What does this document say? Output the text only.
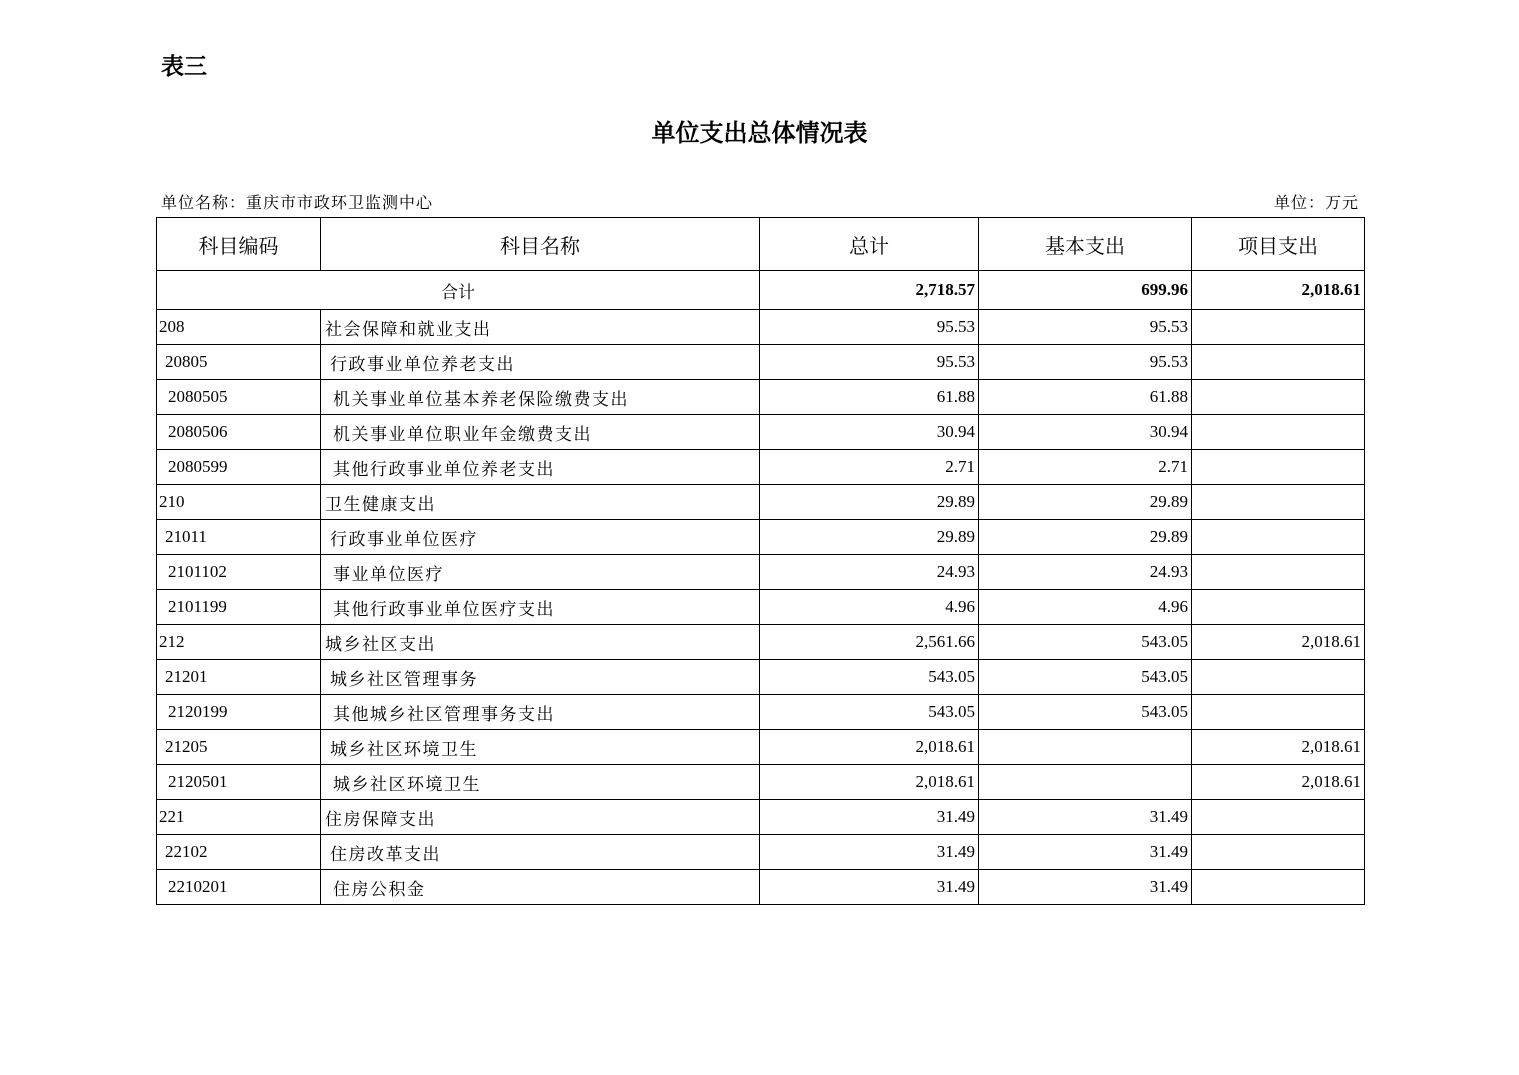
表三
单位支出总体情况表
单位名称：重庆市市政环卫监测中心	单位：万元
科目编码	科目名称	总计	基本支出	项目支出
合计		2,718.57	699.96	2,018.61
208	社会保障和就业支出	95.53	95.53	
20805	行政事业单位养老支出	95.53	95.53	
2080505	机关事业单位基本养老保险缴费支出	61.88	61.88	
2080506	机关事业单位职业年金缴费支出	30.94	30.94	
2080599	其他行政事业单位养老支出	2.71	2.71	
210	卫生健康支出	29.89	29.89	
21011	行政事业单位医疗	29.89	29.89	
2101102	事业单位医疗	24.93	24.93	
2101199	其他行政事业单位医疗支出	4.96	4.96	
212	城乡社区支出	2,561.66	543.05	2,018.61
21201	城乡社区管理事务	543.05	543.05	
2120199	其他城乡社区管理事务支出	543.05	543.05	
21205	城乡社区环境卫生	2,018.61		2,018.61
2120501	城乡社区环境卫生	2,018.61		2,018.61
221	住房保障支出	31.49	31.49	
22102	住房改革支出	31.49	31.49	
2210201	住房公积金	31.49	31.49	
